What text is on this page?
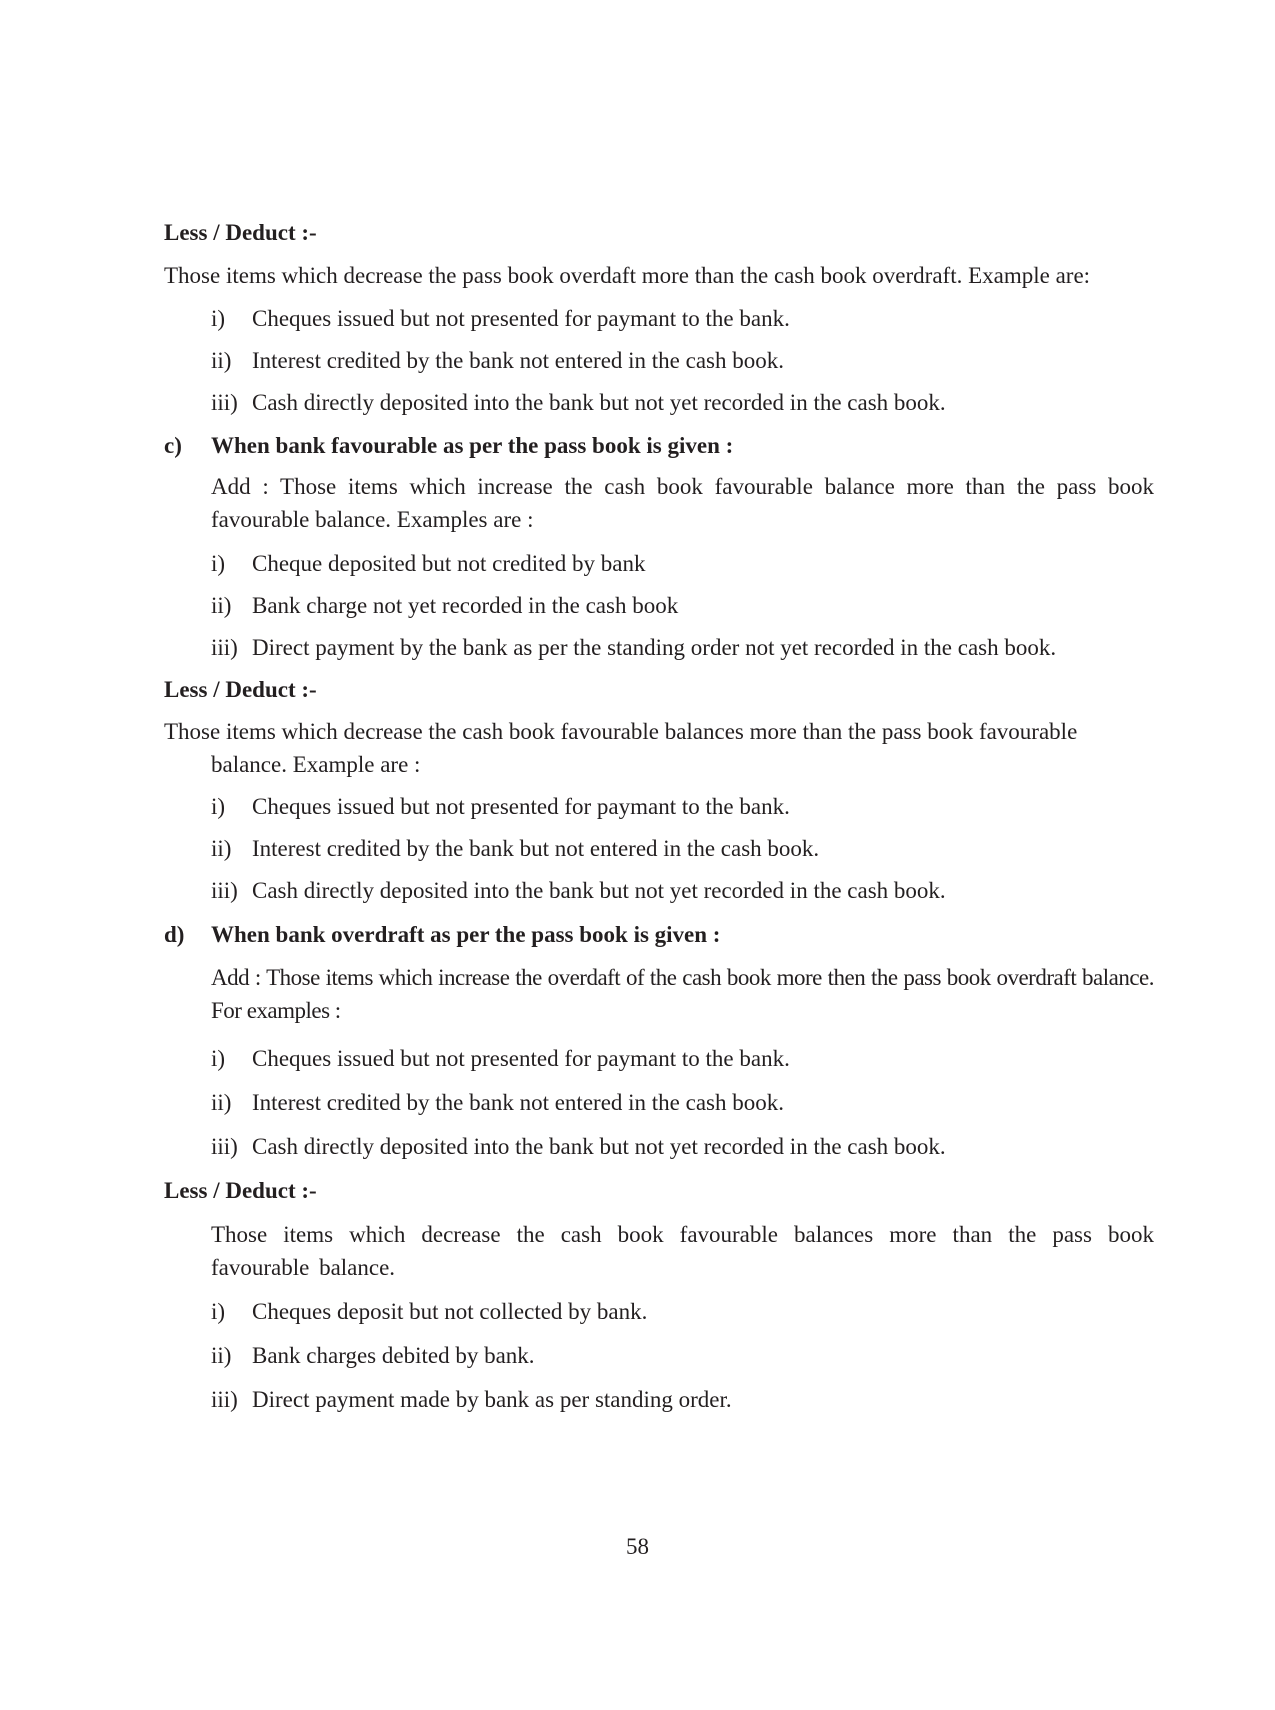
Less / Deduct :-
Those items which decrease the pass book overdaft more than the cash book overdraft. Example are:
i) Cheques issued but not presented for paymant to the bank.
ii) Interest credited by the bank not entered in the cash book.
iii) Cash directly deposited into the bank but not yet recorded in the cash book.
c) When bank favourable as per the pass book is given :
Add : Those items which increase the cash book favourable balance more than the pass book favourable balance. Examples are :
i) Cheque deposited but not credited by bank
ii) Bank charge not yet recorded in the cash book
iii) Direct payment by the bank as per the standing order not yet recorded in the cash book.
Less / Deduct :-
Those items which decrease the cash book favourable balances more than the pass book favourable
balance. Example are :
i) Cheques issued but not presented for paymant to the bank.
ii) Interest credited by the bank but not entered in the cash book.
iii) Cash directly deposited into the bank but not yet recorded in the cash book.
d) When bank overdraft as per the pass book is given :
Add : Those items which increase the overdaft of the cash book more then the pass book overdraft balance. For examples :
i) Cheques issued but not presented for paymant to the bank.
ii) Interest credited by the bank not entered in the cash book.
iii) Cash directly deposited into the bank but not yet recorded in the cash book.
Less / Deduct :-
Those items which decrease the cash book favourable balances more than the pass book favourable balance.
i) Cheques deposit but not collected by bank.
ii) Bank charges debited by bank.
iii) Direct payment made by bank as per standing order.
58
